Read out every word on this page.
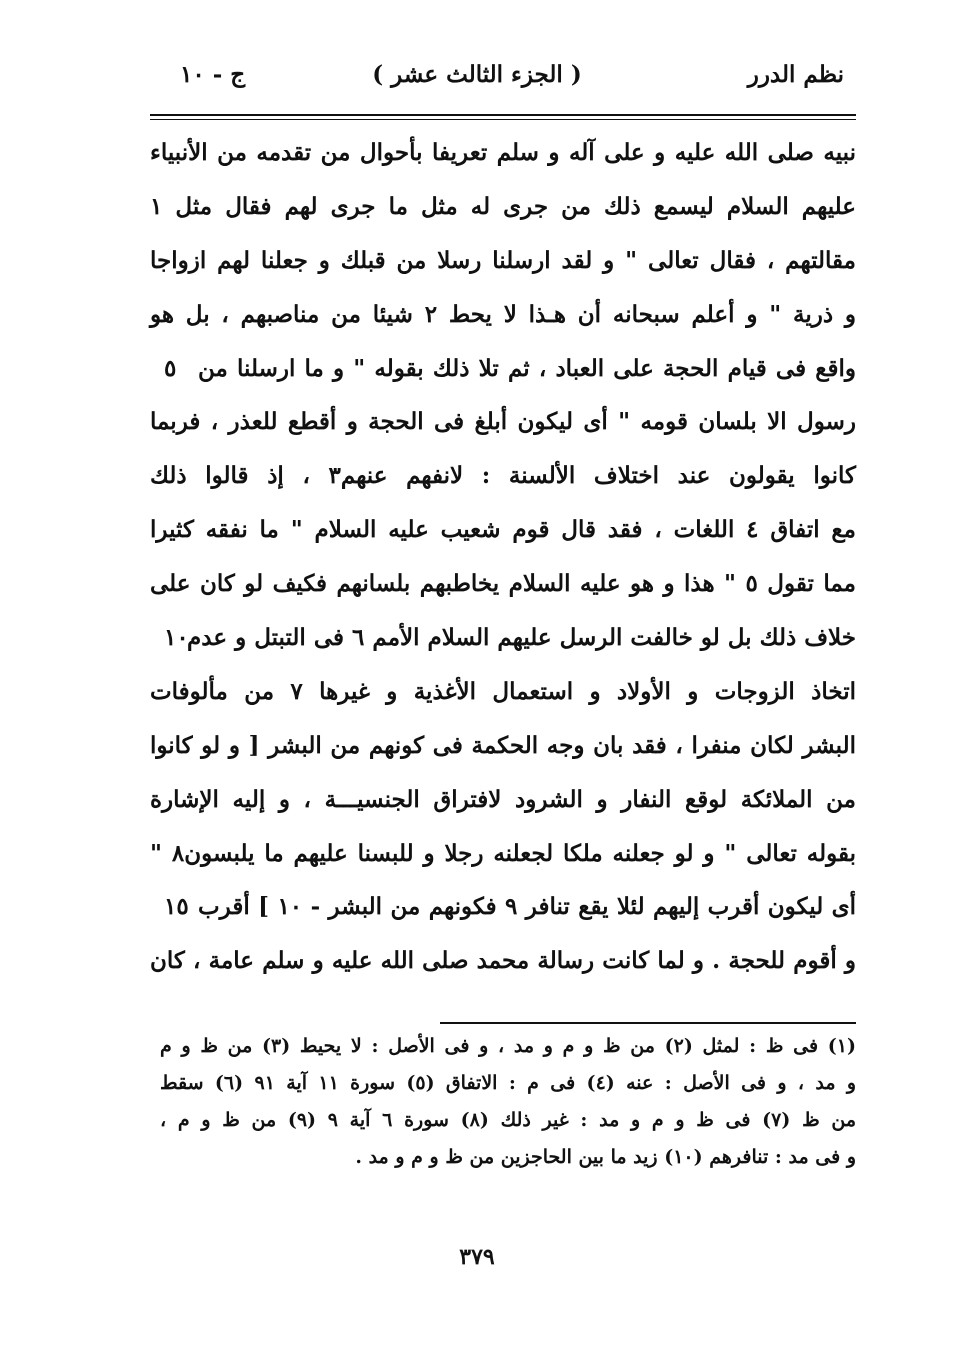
نظم الدرر
( الجزء الثالث عشر )
ج - ١٠
نبيه صلى الله عليه و على آله و سلم تعريفا بأحوال من تقدمه من الأنبياء
عليهم السلام ليسمع ذلك من جرى له مثل ما جرى لهم فقال مثل ١
مقالتهم ، فقال تعالى " و لقد ارسلنا رسلا من قبلك و جعلنا لهم ازواجا
و ذرية " و أعلم سبحانه أن هـذا لا يحط ٢ شيئا من مناصبهم ، بل هو
واقع فى قيام الحجة على العباد ، ثم تلا ذلك بقوله " و ما ارسلنا من
٥
رسول الا بلسان قومه " أى ليكون أبلغ فى الحجة و أقطع للعذر ، فربما
كانوا يقولون عند اختلاف الألسنة : لانفهم عنهم٣ ، إذ قالوا ذلك
مع اتفاق ٤ اللغات ، فقد قال قوم شعيب عليه السلام " ما نفقه كثيرا
مما تقول ٥ " هذا و هو عليه السلام يخاطبهم بلسانهم فكيف لو كان على
خلاف ذلك بل لو خالفت الرسل عليهم السلام الأمم ٦ فى التبتل و عدم
١٠
اتخاذ الزوجات و الأولاد و استعمال الأغذية و غيرها ٧ من مألوفات
البشر لكان منفرا ، فقد بان وجه الحكمة فى كونهم من البشر [ و لو كانوا
من الملائكة لوقع النفار و الشرود لافتراق الجنسيـــة ، و إليه الإشارة
بقوله تعالى " و لو جعلنه ملكا لجعلنه رجلا و للبسنا عليهم ما يلبسون٨ "
أى ليكون أقرب إليهم لئلا يقع تنافر ٩ فكونهم من البشر - ١٠ ] أقرب
١٥
و أقوم للحجة . و لما كانت رسالة محمد صلى الله عليه و سلم عامة ، كان
(١) فى ظ : لمثل (٢) من ظ و م و مد ، و فى الأصل : لا يحيط (٣) من ظ و م
و مد ، و فى الأصل : عنه (٤) فى م : الاتفاق (٥) سورة ١١ آية ٩١ (٦) سقط
من ظ (٧) فى ظ و م و مد : غير ذلك (٨) سورة ٦ آية ٩ (٩) من ظ و م ،
و فى مد : تنافرهم (١٠) زيد ما بين الحاجزين من ظ و م و مد .
٣٧٩
